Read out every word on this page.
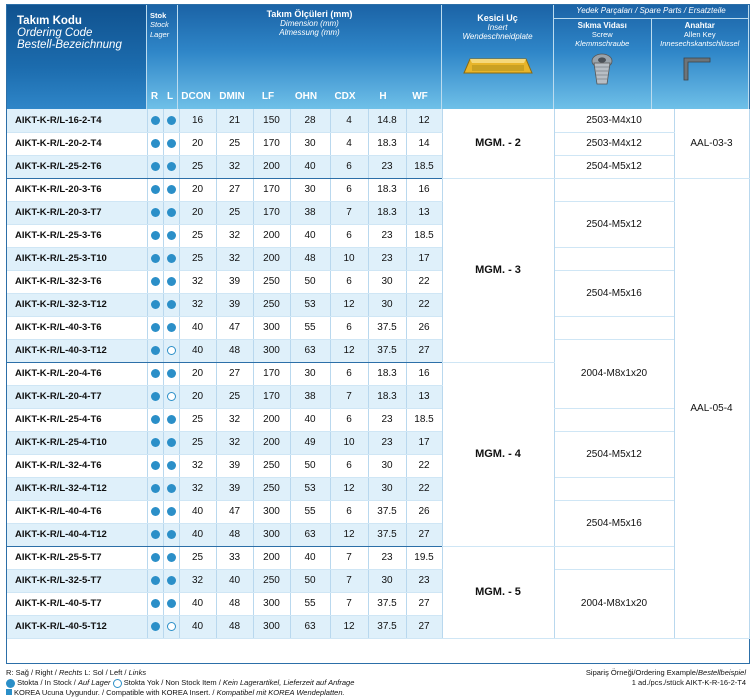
Takım Kodu
Ordering Code
Bestell-Bezeichnung
Stok
Stock
Lager
Takım Ölçüleri (mm)
Dimension (mm)
Almessung (mm)
Kesici Uç
Insert
Wendeschneidplate
Yedek Parçaları / Spare Parts / Ersatzteile
Sıkma Vidası
Screw
Klemmschraube
Anahtar
Allen Key
Innesechskantschlüssel
R L DCON DMIN	LF	OHN	CDX	H	WF
AIKT-K-R/L-16-2-T4			16	21	150	28	4	14.8	12	MGM. - 2	2503-M4x10	AAL-03-3
AIKT-K-R/L-20-2-T4			20	25	170	30	4	18.3	14		2503-M4x12	
AIKT-K-R/L-25-2-T6			25	32	200	40	6	23	18.5		2504-M5x12	
AIKT-K-R/L-20-3-T6			20	27	170	30	6	18.3	16	MGM. - 3		AAL-05-4
AIKT-K-R/L-20-3-T7			20	25	170	38	7	18.3	13		2504-M5x12	
AIKT-K-R/L-25-3-T6			25	32	200	40	6	23	18.5			
AIKT-K-R/L-25-3-T10			25	32	200	48	10	23	17			
AIKT-K-R/L-32-3-T6			32	39	250	50	6	30	22		2504-M5x16	
AIKT-K-R/L-32-3-T12			32	39	250	53	12	30	22			
AIKT-K-R/L-40-3-T6			40	47	300	55	6	37.5	26			
AIKT-K-R/L-40-3-T12			40	48	300	63	12	37.5	27		2004-M8x1x20	
AIKT-K-R/L-20-4-T6			20	27	170	30	6	18.3	16	MGM. - 4		
AIKT-K-R/L-20-4-T7			20	25	170	38	7	18.3	13			
AIKT-K-R/L-25-4-T6			25	32	200	40	6	23	18.5			
AIKT-K-R/L-25-4-T10			25	32	200	49	10	23	17		2504-M5x12	
AIKT-K-R/L-32-4-T6			32	39	250	50	6	30	22			
AIKT-K-R/L-32-4-T12			32	39	250	53	12	30	22			
AIKT-K-R/L-40-4-T6			40	47	300	55	6	37.5	26		2504-M5x16	
AIKT-K-R/L-40-4-T12			40	48	300	63	12	37.5	27			
AIKT-K-R/L-25-5-T7			25	33	200	40	7	23	19.5	MGM. - 5		
AIKT-K-R/L-32-5-T7			32	40	250	50	7	30	23		2004-M8x1x20	
AIKT-K-R/L-40-5-T7			40	48	300	55	7	37.5	27			
AIKT-K-R/L-40-5-T12			40	48	300	63	12	37.5	27			
R: Sağ / Right / Rechts L: Sol / Left / Links
Stokta / In Stock / Auf Lager Stokta Yok / Non Stock Item / Kein Lagerartikel, Lieferzeit auf Anfrage
KOREA Ucuna Uygundur. / Compatible with KOREA Insert. / Kompatibel mit KOREA Wendeplatten.
Sipariş Örneği/Ordering Example/Bestellbeispiel
1 ad./pcs./stück AIKT-K-R-16-2-T4
